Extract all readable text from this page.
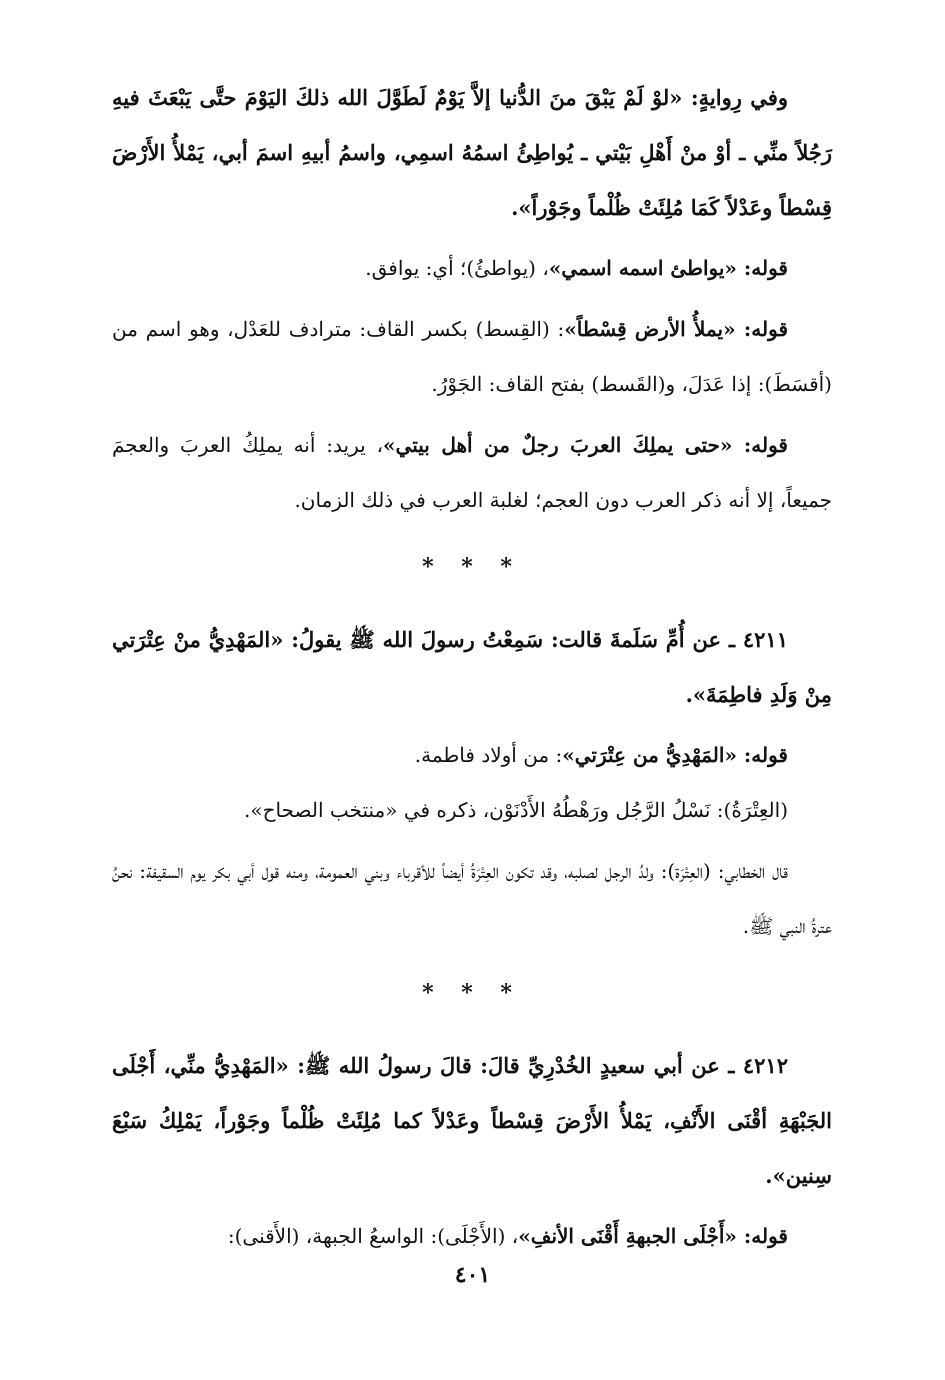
وفي رِوايةٍ: «لوْ لَمْ يَبْقَ منَ الدُّنيا إلاَّ يَوْمٌ لَطَوَّلَ الله ذلكَ اليَوْمَ حتَّى يَبْعَثَ فيهِ رَجُلاً منِّي ـ أوْ منْ أَهْلِ بَيْتي ـ يُواطِئُ اسمُهُ اسمِي، واسمُ أبيهِ اسمَ أبي، يَمْلأُ الأَرْضَ قِسْطاً وعَدْلاً كَمَا مُلِئَتْ ظُلْماً وجَوْراً».

قوله: «يواطئ اسمه اسمي»، (يواطئُ)؛ أي: يوافق.

قوله: «يملأُ الأرض قِسْطاً»: (القِسط) بكسر القاف: مترادف للعَدْل، وهو اسم من (أقسَطَ): إذا عَدَلَ، و(القَسط) بفتح القاف: الجَوْرُ.

قوله: «حتى يملِكَ العربَ رجلٌ من أهل بيتي»، يريد: أنه يملِكُ العربَ والعجمَ جميعاً، إلا أنه ذكر العرب دون العجم؛ لغلبة العرب في ذلك الزمان.

* * *

٤٢١١ ـ عن أُمِّ سَلَمةَ قالت: سَمِعْتُ رسولَ الله ﷺ يقولُ: «المَهْدِيُّ منْ عِتْرَتي مِنْ وَلَدِ فاطِمَةَ».

قوله: «المَهْدِيُّ من عِتْرَتي»: من أولاد فاطمة.

(العِتْرَةُ): نَسْلُ الرَّجُل ورَهْطُهُ الأَدْنَوْن، ذكره في «منتخب الصحاح».

قال الخطابي: (العِتْرَة): ولدُ الرجل لصلبه، وقد تكون العِتْرَةُ أيضاً للأقرباء وبني العمومة، ومنه قول أبي بكر يوم السقيفة: نحنُ عترةُ النبي ﷺ.

* * *

٤٢١٢ ـ عن أبي سعيدٍ الخُدْرِيِّ قالَ: قالَ رسولُ الله ﷺ: «المَهْدِيُّ منِّي، أَجْلَى الجَبْهَةِ أقْنَى الأَنْفِ، يَمْلأُ الأَرْضَ قِسْطاً وعَدْلاً كما مُلِئَتْ ظُلْماً وجَوْراً، يَمْلِكُ سَبْعَ سِنين».

قوله: «أَجْلَى الجبهةِ أَقْنَى الأنفِ»، (الأَجْلَى): الواسعُ الجبهة، (الأَقنى):

٤٠١
